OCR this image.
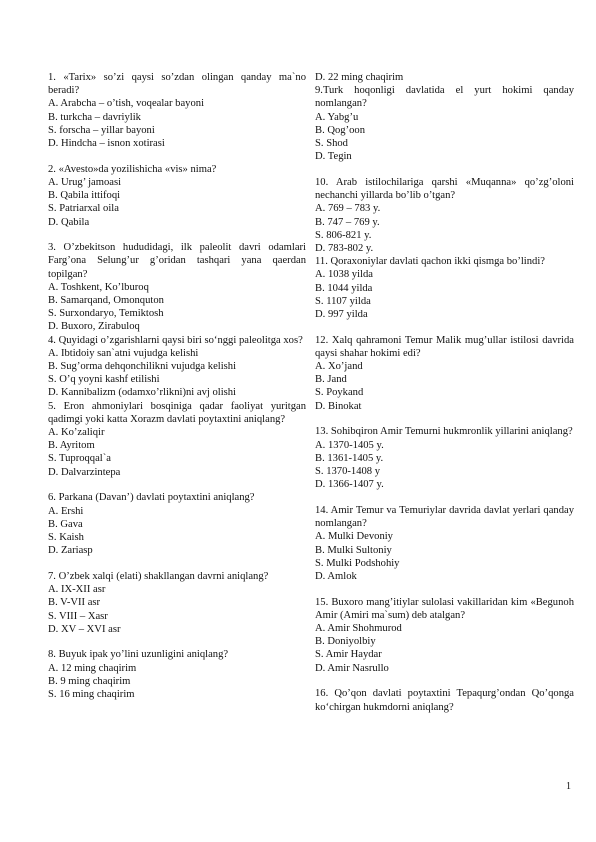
1. «Tarix» so’zi qaysi so’zdan olingan qanday ma`no beradi?
A. Arabcha – o’tish, voqealar bayoni
B. turkcha – davriylik
S. forscha – yillar bayoni
D. Hindcha – isnon xotirasi
2. «Avesto»da yozilishicha «vis» nima?
A. Urug’ jamoasi
B. Qabila ittifoqi
S. Patriarxal oila
D. Qabila
3. O’zbekitson hududidagi, ilk paleolit davri odamlari Farg’ona Selung’ur g’oridan tashqari yana qaerdan topilgan?
A. Toshkent, Ko’lburoq
B. Samarqand, Omonquton
S. Surxondaryo, Temiktosh
D. Buxoro, Zirabuloq
4. Quyidagi o’zgarishlarni qaysi biri so‘nggi paleolitga xos?
A. Ibtidoiy san`atni vujudga kelishi
B. Sug’orma dehqonchilikni vujudga kelishi
S. O’q yoyni kashf etilishi
D. Kannibalizm (odamxo’rlikni)ni avj olishi
5. Eron ahmoniylari bosqiniga qadar faoliyat yuritgan qadimgi yoki katta Xorazm davlati poytaxtini aniqlang?
A. Ko’zaliqir
B. Ayritom
S. Tuproqqal`a
D. Dalvarzintepa
6. Parkana (Davan’) davlati poytaxtini aniqlang?
A. Ershi
B. Gava
S. Kaish
D. Zariasp
7. O’zbek xalqi (elati) shakllangan davrni aniqlang?
A. IX-XII asr
B. V-VII asr
S. VIII – Xasr
D. XV – XVI asr
8. Buyuk ipak yo’lini uzunligini aniqlang?
A. 12 ming chaqirim
B. 9 ming chaqirim
S. 16 ming chaqirim
D. 22 ming chaqirim
9.Turk hoqonligi davlatida el yurt hokimi qanday nomlangan?
A. Yabg’u
B. Qog’oon
S. Shod
D. Tegin
10. Arab istilochilariga qarshi «Muqanna» qo’zg’oloni nechanchi yillarda bo’lib o’tgan?
A. 769 – 783 y.
B. 747 – 769 y.
S. 806-821 y.
D. 783-802 y.
11. Qoraxoniylar davlati qachon ikki qismga bo’lindi?
A. 1038 yilda
B. 1044 yilda
S. 1107 yilda
D. 997 yilda
12. Xalq qahramoni Temur Malik mug’ullar istilosi davrida qaysi shahar hokimi edi?
A. Xo’jand
B. Jand
S. Poykand
D. Binokat
13. Sohibqiron Amir Temurni hukmronlik yillarini aniqlang?
A. 1370-1405 y.
B. 1361-1405 y.
S. 1370-1408 y
D. 1366-1407 y.
14. Amir Temur va Temuriylar davrida davlat yerlari qanday nomlangan?
A. Mulki Devoniy
B. Mulki Sultoniy
S. Mulki Podshohiy
D. Amlok
15. Buxoro mang’itiylar sulolasi vakillaridan kim «Begunoh Amir (Amiri ma`sum) deb atalgan?
A. Amir Shohmurod
B. Doniyolbiy
S. Amir Haydar
D. Amir Nasrullo
16. Qo’qon davlati poytaxtini Tepaqurg’ondan Qo’qonga ko‘chirgan hukmdorni aniqlang?
1
